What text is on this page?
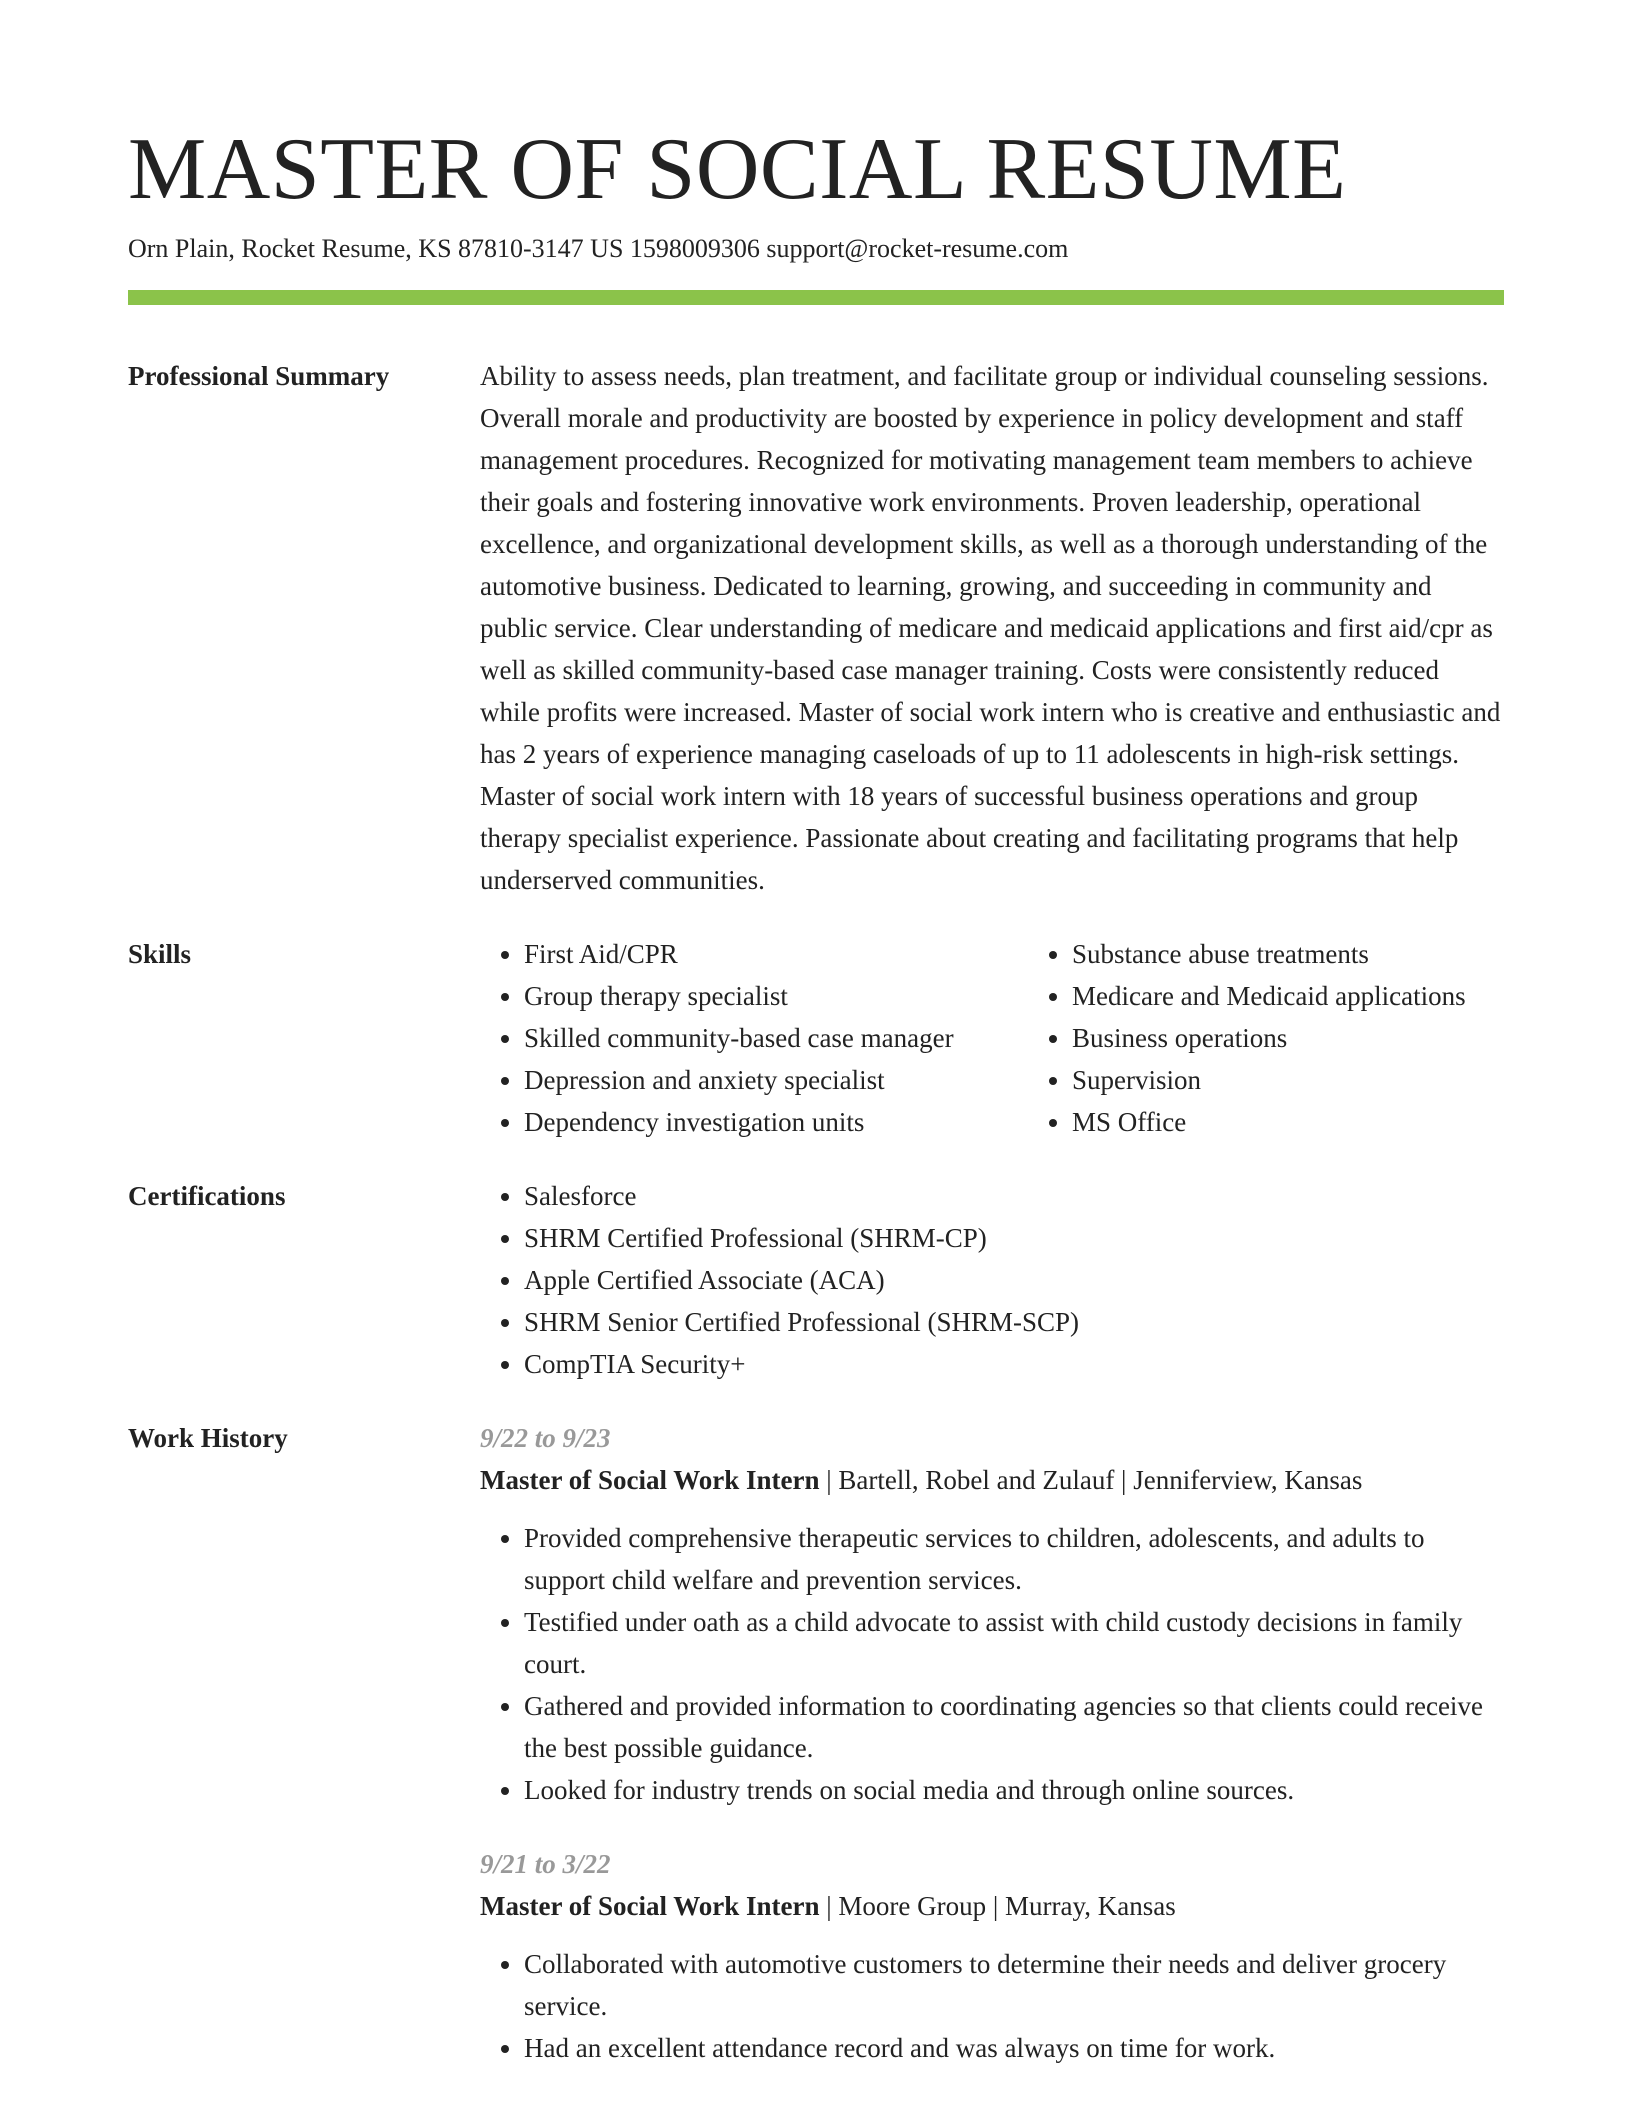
MASTER OF SOCIAL RESUME
Orn Plain, Rocket Resume, KS 87810-3147 US 1598009306 support@rocket-resume.com
Professional Summary	Ability to assess needs, plan treatment, and facilitate group or individual counseling sessions. Overall morale and productivity are boosted by experience in policy development and staff management procedures. Recognized for motivating management team members to achieve their goals and fostering innovative work environments. Proven leadership, operational excellence, and organizational development skills, as well as a thorough understanding of the automotive business. Dedicated to learning, growing, and succeeding in community and public service. Clear understanding of medicare and medicaid applications and first aid/cpr as well as skilled community-based case manager training. Costs were consistently reduced while profits were increased. Master of social work intern who is creative and enthusiastic and has 2 years of experience managing caseloads of up to 11 adolescents in high-risk settings. Master of social work intern with 18 years of successful business operations and group therapy specialist experience. Passionate about creating and facilitating programs that help underserved communities.

Skills	• First Aid/CPR
• Group therapy specialist
• Skilled community-based case manager
• Depression and anxiety specialist
• Dependency investigation units
• Substance abuse treatments
• Medicare and Medicaid applications
• Business operations
• Supervision
• MS Office
Certifications	• Salesforce
• SHRM Certified Professional (SHRM-CP)
• Apple Certified Associate (ACA)
• SHRM Senior Certified Professional (SHRM-SCP)
• CompTIA Security+
Work History	9/22 to 9/23
Master of Social Work Intern | Bartell, Robel and Zulauf | Jenniferview, Kansas
• Provided comprehensive therapeutic services to children, adolescents, and adults to support child welfare and prevention services.
• Testified under oath as a child advocate to assist with child custody decisions in family court.
• Gathered and provided information to coordinating agencies so that clients could receive the best possible guidance.
• Looked for industry trends on social media and through online sources.
9/21 to 3/22
Master of Social Work Intern | Moore Group | Murray, Kansas
• Collaborated with automotive customers to determine their needs and deliver grocery service.
• Had an excellent attendance record and was always on time for work.
